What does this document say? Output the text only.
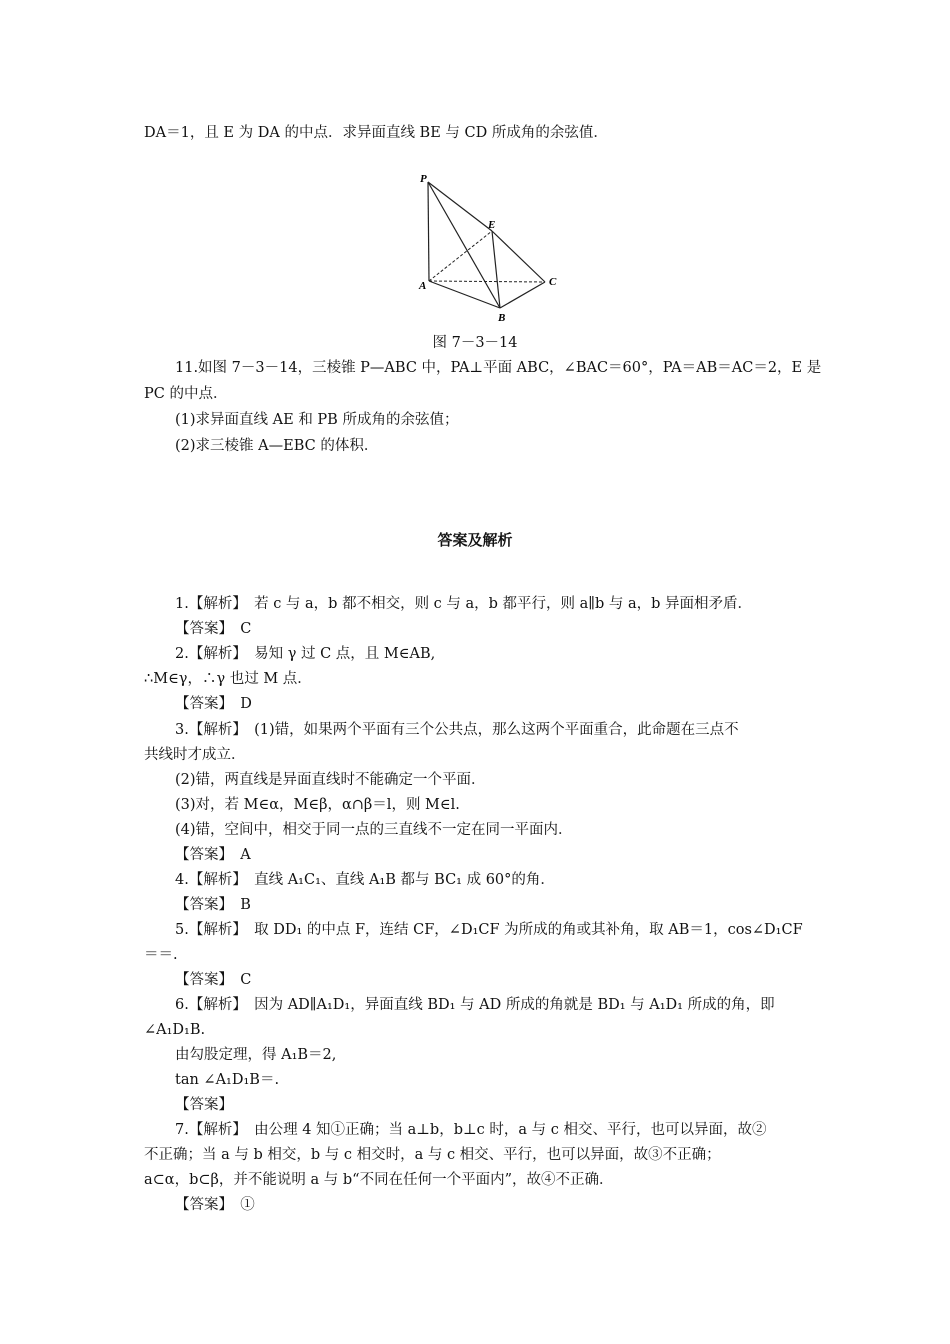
DA＝1，且 E 为 DA 的中点．求异面直线 BE 与 CD 所成角的余弦值．
P
E
A	C
B
图 7－3－14
11.如图 7－3－14，三棱锥 P—ABC 中，PA⊥平面 ABC，∠BAC＝60°，PA＝AB＝AC＝2，E 是
PC 的中点．
(1)求异面直线 AE 和 PB 所成角的余弦值；
(2)求三棱锥 A—EBC 的体积．
答案及解析
1.【解析】　若 c 与 a，b 都不相交，则 c 与 a，b 都平行，则 a∥b 与 a，b 异面相矛盾．
【答案】　C
2.【解析】　易知 γ 过 C 点，且 M∈AB,
∴M∈γ，∴γ 也过 M 点．
【答案】　D
3.【解析】　(1)错，如果两个平面有三个公共点，那么这两个平面重合，此命题在三点不
共线时才成立．
(2)错，两直线是异面直线时不能确定一个平面．
(3)对，若 M∈α，M∈β，α∩β＝l，则 M∈l.
(4)错，空间中，相交于同一点的三直线不一定在同一平面内．
【答案】　A
4.【解析】　直线 A₁C₁、直线 A₁B 都与 BC₁ 成 60°的角．
【答案】　B
5.【解析】　取 DD₁ 的中点 F，连结 CF，∠D₁CF 为所成的角或其补角，取 AB＝1，cos∠D₁CF
＝＝.
【答案】　C
6.【解析】　因为 AD∥A₁D₁，异面直线 BD₁ 与 AD 所成的角就是 BD₁ 与 A₁D₁ 所成的角，即
∠A₁D₁B.
由勾股定理，得 A₁B＝2,
tan ∠A₁D₁B＝.
【答案】
7.【解析】　由公理 4 知①正确；当 a⊥b，b⊥c 时，a 与 c 相交、平行，也可以异面，故②
不正确；当 a 与 b 相交，b 与 c 相交时，a 与 c 相交、平行，也可以异面，故③不正确；
a⊂α，b⊂β，并不能说明 a 与 b“不同在任何一个平面内”，故④不正确．
【答案】　①
